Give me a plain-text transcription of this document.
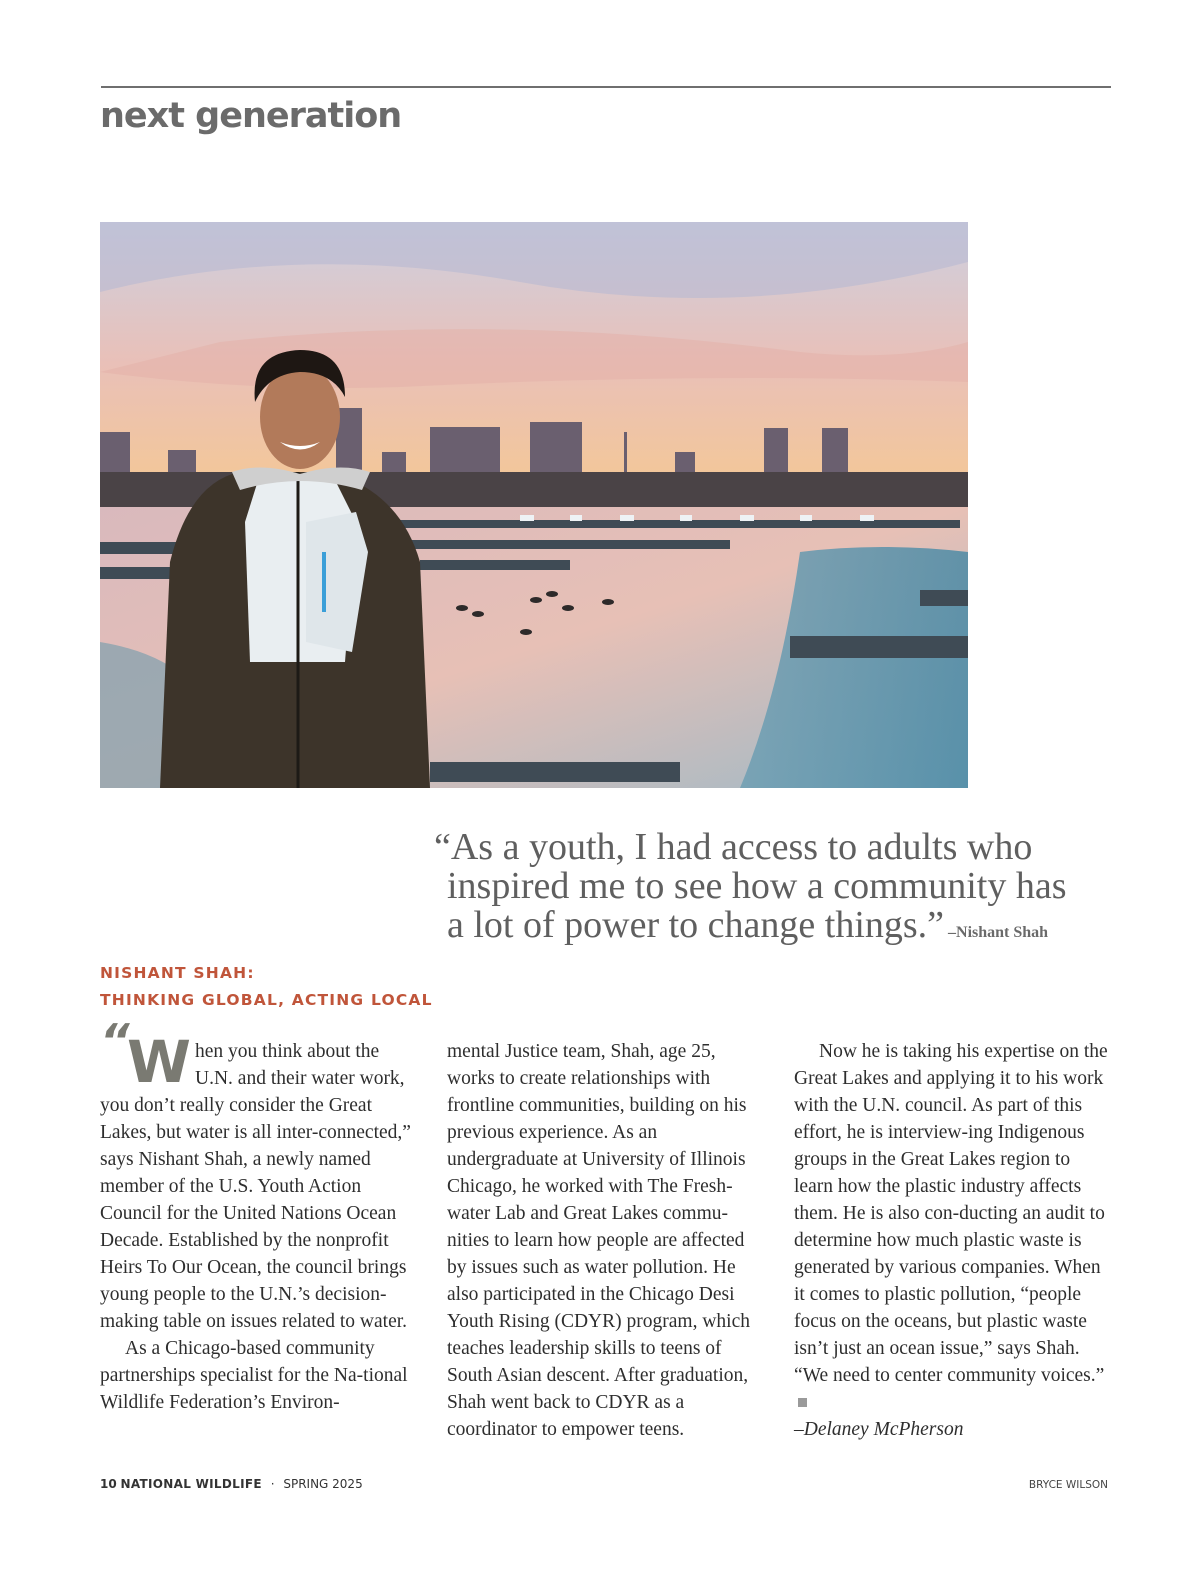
next generation
“As a youth, I had access to adults who
inspired me to see how a community has
a lot of power to change things.” –Nishant Shah
NISHANT SHAH:
THINKING GLOBAL, ACTING LOCAL
“
W hen you think about the U.N. and their water work, you don’t really consider the Great Lakes, but water is all inter-connected,” says Nishant Shah, a newly named member of the U.S. Youth Action Council for the United Nations Ocean Decade. Established by the nonprofit Heirs To Our Ocean, the council brings young people to the U.N.’s decision-making table on issues related to water.

As a Chicago-based community partnerships specialist for the Na-tional Wildlife Federation’s Environ-

mental Justice team, Shah, age 25, works to create relationships with frontline communities, building on his previous experience. As an undergraduate at University of Illinois Chicago, he worked with The Fresh-water Lab and Great Lakes commu-nities to learn how people are affected by issues such as water pollution. He also participated in the Chicago Desi Youth Rising (CDYR) program, which teaches leadership skills to teens of South Asian descent. After graduation, Shah went back to CDYR as a coordinator to empower teens.

Now he is taking his expertise on the Great Lakes and applying it to his work with the U.N. council. As part of this effort, he is interview-ing Indigenous groups in the Great Lakes region to learn how the plastic industry affects them. He is also con-ducting an audit to determine how much plastic waste is generated by various companies. When it comes to plastic pollution, “people focus on the oceans, but plastic waste isn’t just an ocean issue,” says Shah. “We need to center community voices.”

–Delaney McPherson

10 NATIONAL WILDLIFE · SPRING 2025	BRYCE WILSON
